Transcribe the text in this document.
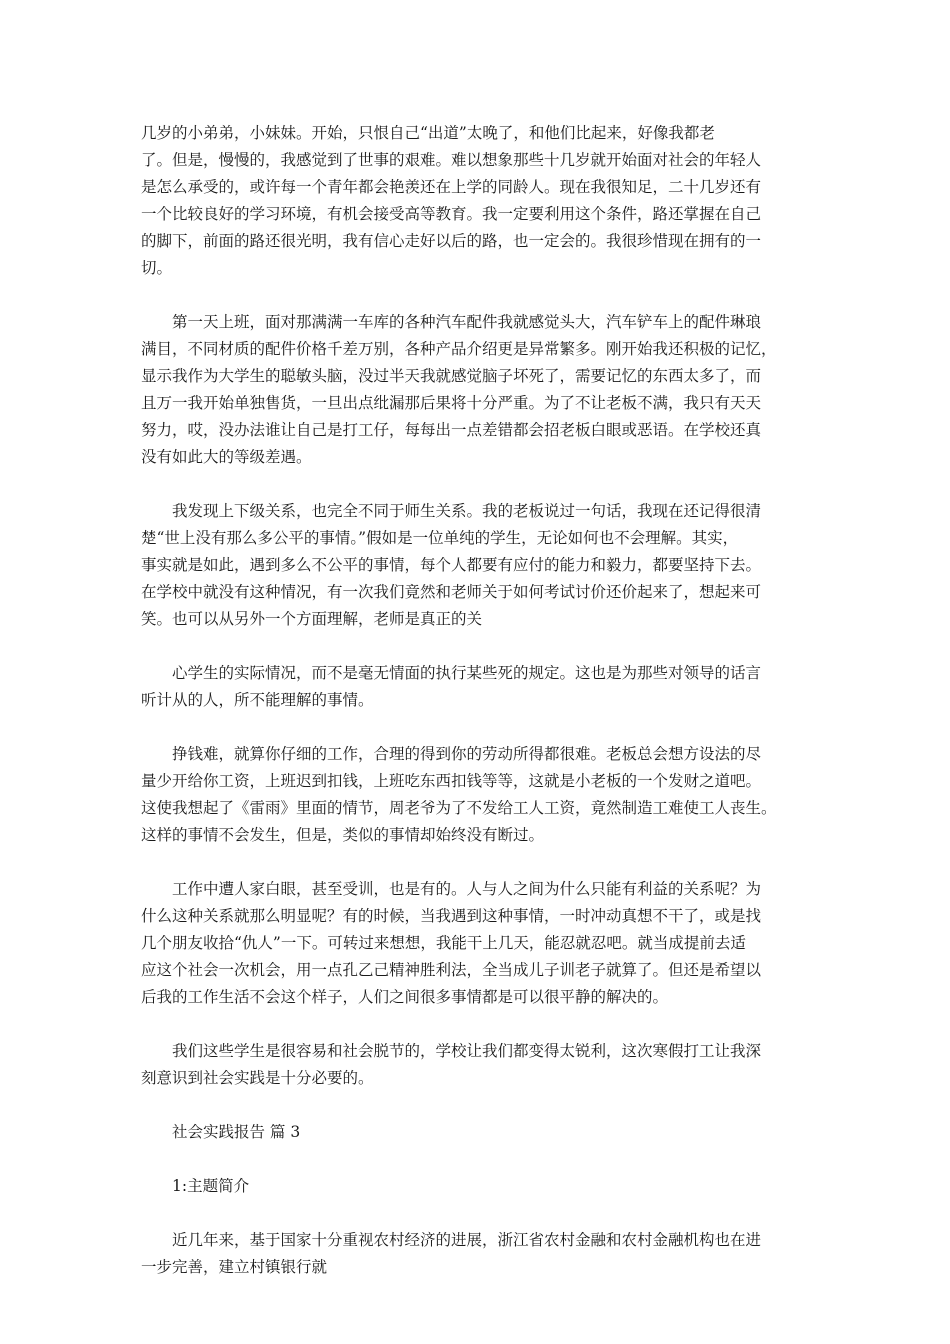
几岁的小弟弟，小妹妹。开始，只恨自己“出道”太晚了，和他们比起来，好像我都老
了。但是，慢慢的，我感觉到了世事的艰难。难以想象那些十几岁就开始面对社会的年轻人
是怎么承受的，或许每一个青年都会艳羡还在上学的同龄人。现在我很知足，二十几岁还有
一个比较良好的学习环境，有机会接受高等教育。我一定要利用这个条件，路还掌握在自己
的脚下，前面的路还很光明，我有信心走好以后的路，也一定会的。我很珍惜现在拥有的一
切。

第一天上班，面对那满满一车库的各种汽车配件我就感觉头大，汽车铲车上的配件琳琅
满目，不同材质的配件价格千差万别，各种产品介绍更是异常繁多。刚开始我还积极的记忆，
显示我作为大学生的聪敏头脑，没过半天我就感觉脑子坏死了，需要记忆的东西太多了，而
且万一我开始单独售货，一旦出点纰漏那后果将十分严重。为了不让老板不满，我只有天天
努力，哎，没办法谁让自己是打工仔，每每出一点差错都会招老板白眼或恶语。在学校还真
没有如此大的等级差遇。

我发现上下级关系，也完全不同于师生关系。我的老板说过一句话，我现在还记得很清
楚“世上没有那么多公平的事情。”假如是一位单纯的学生，无论如何也不会理解。其实，
事实就是如此，遇到多么不公平的事情，每个人都要有应付的能力和毅力，都要坚持下去。
在学校中就没有这种情况，有一次我们竟然和老师关于如何考试讨价还价起来了，想起来可
笑。也可以从另外一个方面理解，老师是真正的关

心学生的实际情况，而不是毫无情面的执行某些死的规定。这也是为那些对领导的话言
听计从的人，所不能理解的事情。

挣钱难，就算你仔细的工作，合理的得到你的劳动所得都很难。老板总会想方设法的尽
量少开给你工资，上班迟到扣钱，上班吃东西扣钱等等，这就是小老板的一个发财之道吧。
这使我想起了《雷雨》里面的情节，周老爷为了不发给工人工资，竟然制造工难使工人丧生。
这样的事情不会发生，但是，类似的事情却始终没有断过。

工作中遭人家白眼，甚至受训，也是有的。人与人之间为什么只能有利益的关系呢？为
什么这种关系就那么明显呢？有的时候，当我遇到这种事情，一时冲动真想不干了，或是找
几个朋友收拾“仇人”一下。可转过来想想，我能干上几天，能忍就忍吧。就当成提前去适
应这个社会一次机会，用一点孔乙己精神胜利法，全当成儿子训老子就算了。但还是希望以
后我的工作生活不会这个样子，人们之间很多事情都是可以很平静的解决的。

我们这些学生是很容易和社会脱节的，学校让我们都变得太锐利，这次寒假打工让我深
刻意识到社会实践是十分必要的。

社会实践报告 篇 3
1:主题简介

近几年来，基于国家十分重视农村经济的进展，浙江省农村金融和农村金融机构也在进
一步完善，建立村镇银行就
